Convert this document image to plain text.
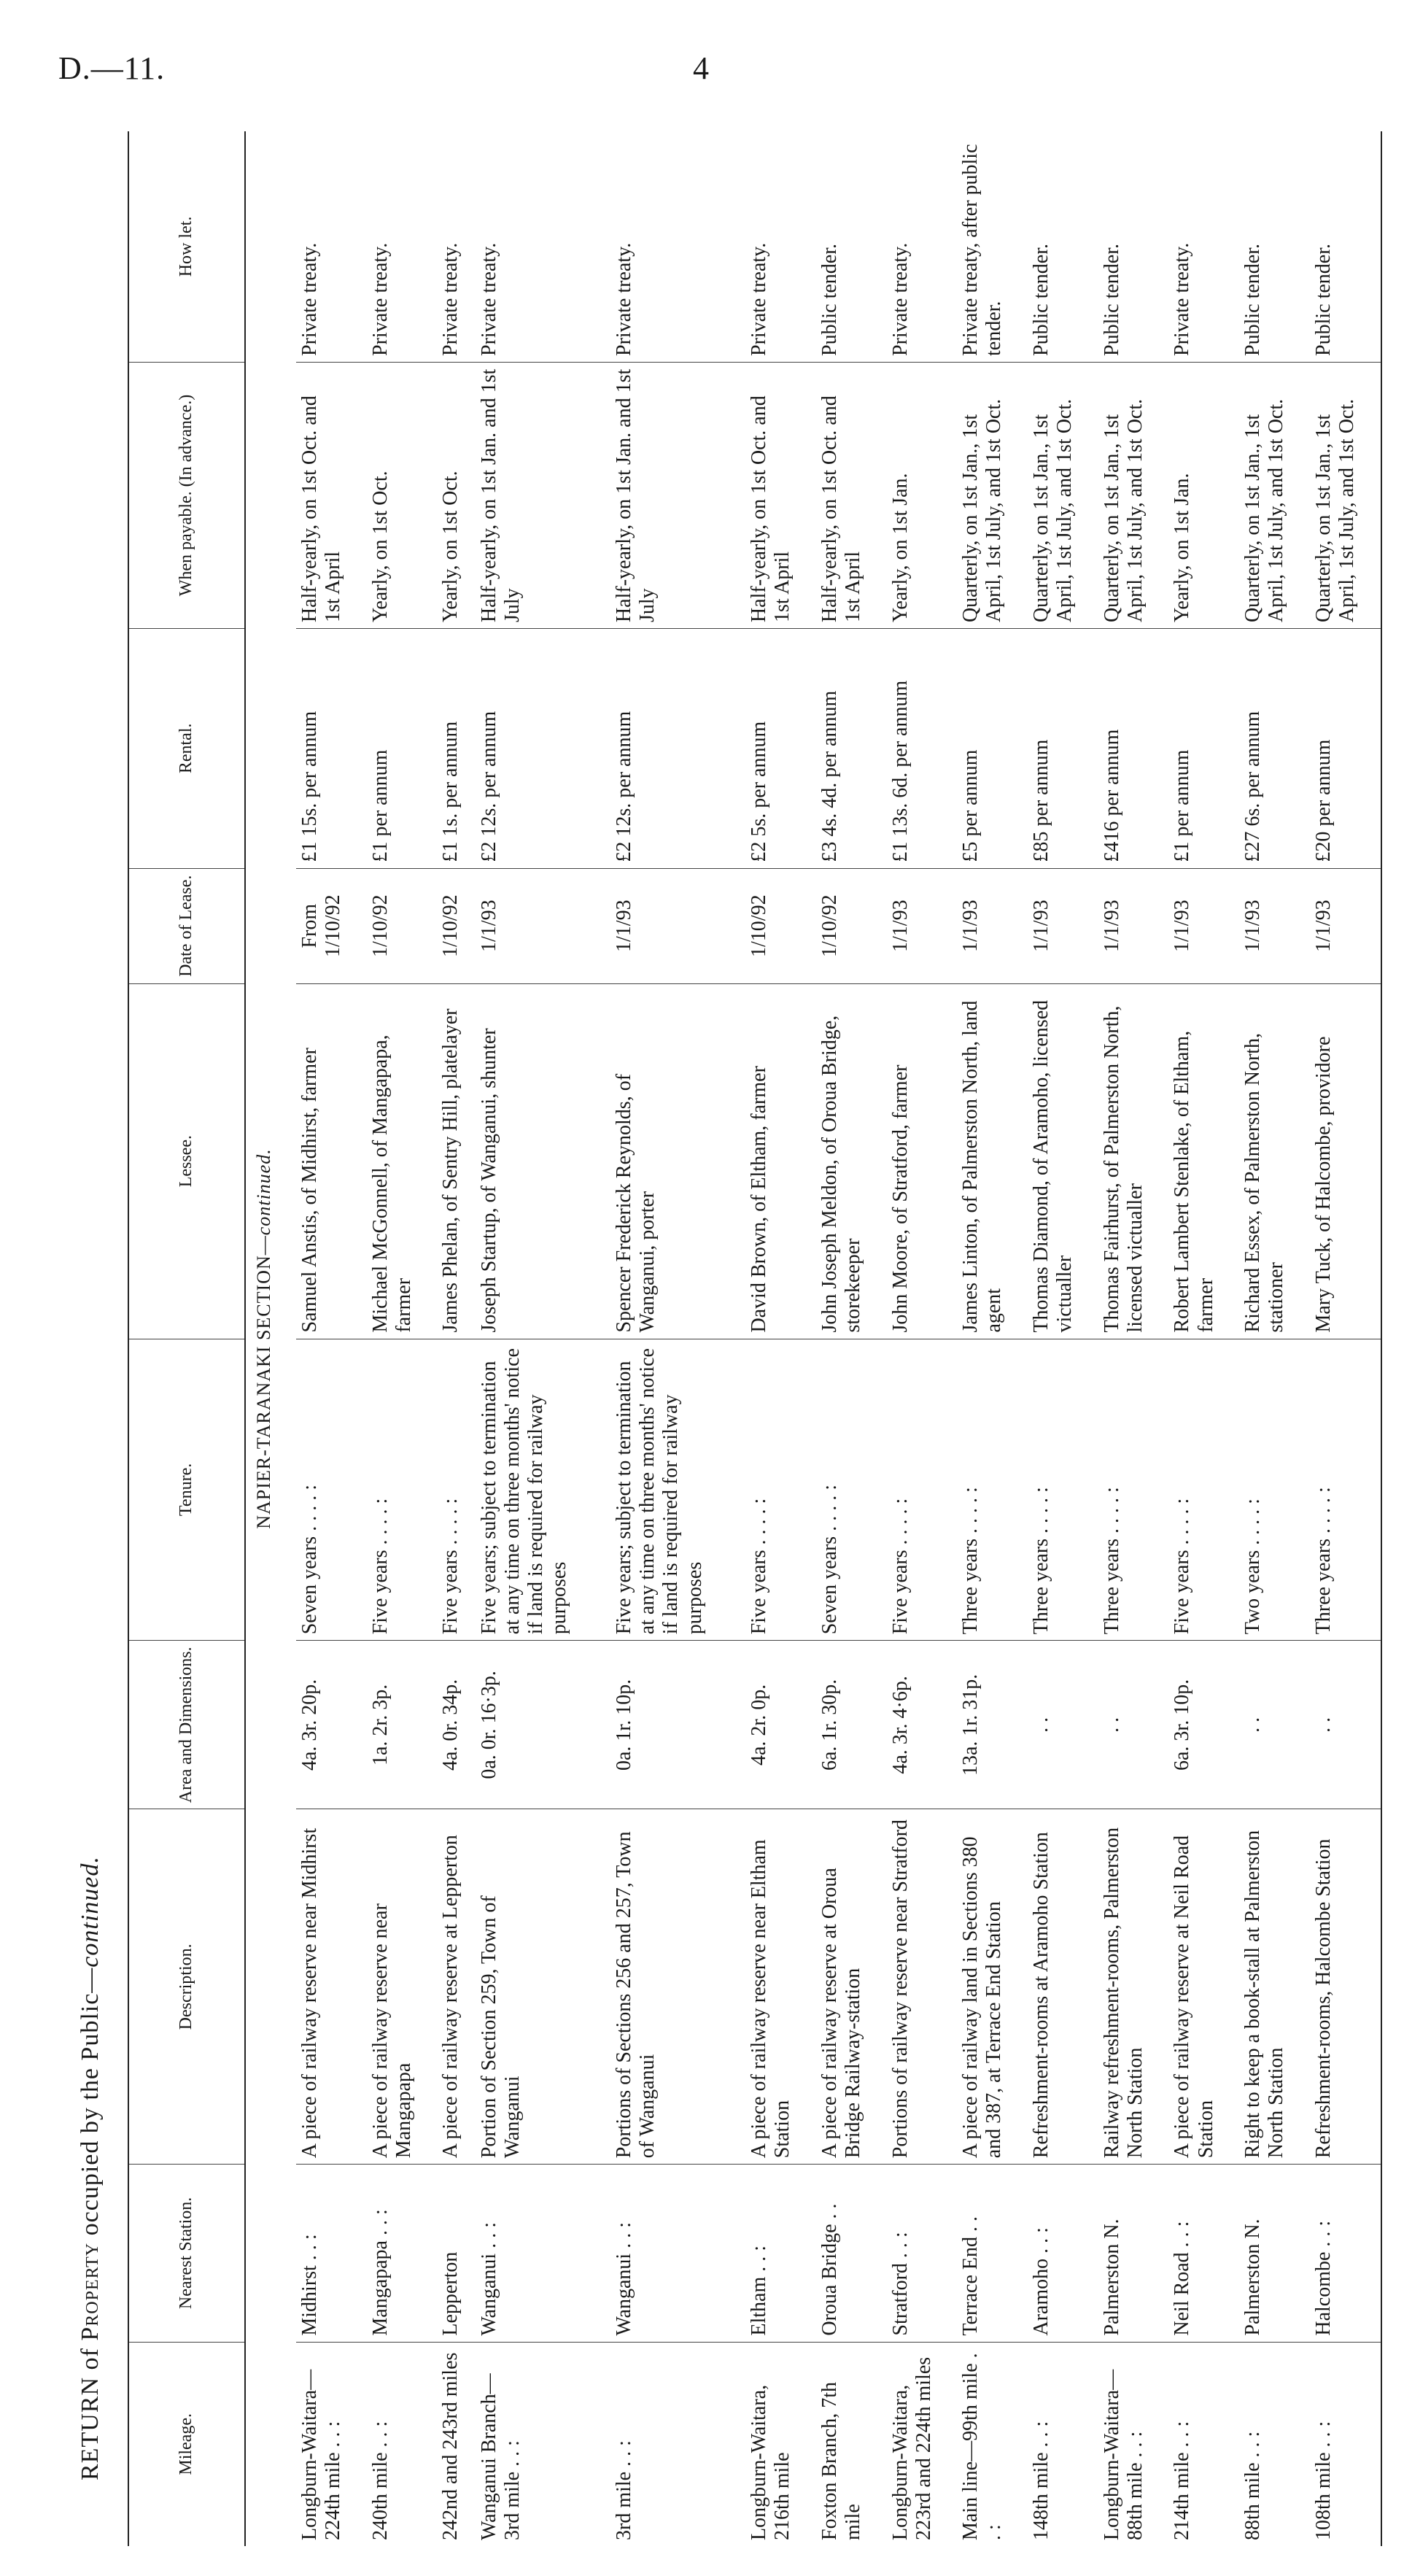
D.—11.	4
RETURN of Property occupied by the Public—continued.
Mileage.	Nearest Station.	Description.	Area and Dimensions.	Tenure.	Lessee.	Date of Lease.	Rental.	When payable. (In advance.)	How let.
NAPIER-TARANAKI SECTION—continued.									
Longburn-Waitara—224th mile . . :	Midhirst . . :	A piece of railway reserve near Midhirst	4a. 3r. 20p.	Seven years . . . . :	Samuel Anstis, of Midhirst, farmer	From 1/10/92	£1 15s. per annum	Half-yearly, on 1st Oct. and 1st April	Private treaty.
240th mile . . :	Mangapapa . . :	A piece of railway reserve near Mangapapa	1a. 2r. 3p.	Five years . . . . :	Michael McGonnell, of Mangapapa, farmer	1/10/92	£1 per annum	Yearly, on 1st Oct.	Private treaty.
242nd and 243rd miles	Lepperton	A piece of railway reserve at Lepperton	4a. 0r. 34p.	Five years . . . . :	James Phelan, of Sentry Hill, platelayer	1/10/92	£1 1s. per annum	Yearly, on 1st Oct.	Private treaty.
Wanganui Branch—3rd mile . . :	Wanganui . . :	Portion of Section 259, Town of Wanganui	0a. 0r. 16·3p.	Five years; subject to termination at any time on three months' notice if land is required for railway purposes	Joseph Startup, of Wanganui, shunter	1/1/93	£2 12s. per annum	Half-yearly, on 1st Jan. and 1st July	Private treaty.
3rd mile . . :	Wanganui . . :	Portions of Sections 256 and 257, Town of Wanganui	0a. 1r. 10p.	Five years; subject to termination at any time on three months' notice if land is required for railway purposes	Spencer Frederick Reynolds, of Wanganui, porter	1/1/93	£2 12s. per annum	Half-yearly, on 1st Jan. and 1st July	Private treaty.
Longburn-Waitara, 216th mile	Eltham . . :	A piece of railway reserve near Eltham Station	4a. 2r. 0p.	Five years . . . . :	David Brown, of Eltham, farmer	1/10/92	£2 5s. per annum	Half-yearly, on 1st Oct. and 1st April	Private treaty.
Foxton Branch, 7th mile	Oroua Bridge . .	A piece of railway reserve at Oroua Bridge Railway-station	6a. 1r. 30p.	Seven years . . . . :	John Joseph Meldon, of Oroua Bridge, storekeeper	1/10/92	£3 4s. 4d. per annum	Half-yearly, on 1st Oct. and 1st April	Public tender.
Longburn-Waitara, 223rd and 224th miles	Stratford . . :	Portions of railway reserve near Stratford	4a. 3r. 4·6p.	Five years . . . . :	John Moore, of Stratford, farmer	1/1/93	£1 13s. 6d. per annum	Yearly, on 1st Jan.	Private treaty.
Main line—99th mile . . :	Terrace End . .	A piece of railway land in Sections 380 and 387, at Terrace End Station	13a. 1r. 31p.	Three years . . . . :	James Linton, of Palmerston North, land agent	1/1/93	£5 per annum	Quarterly, on 1st Jan., 1st April, 1st July, and 1st Oct.	Private treaty, after public tender.
148th mile . . :	Aramoho . . :	Refreshment-rooms at Aramoho Station	. .	Three years . . . . :	Thomas Diamond, of Aramoho, licensed victualler	1/1/93	£85 per annum	Quarterly, on 1st Jan., 1st April, 1st July, and 1st Oct.	Public tender.
Longburn-Waitara—88th mile . . :	Palmerston N.	Railway refreshment-rooms, Palmerston North Station	. .	Three years . . . . :	Thomas Fairhurst, of Palmerston North, licensed victualler	1/1/93	£416 per annum	Quarterly, on 1st Jan., 1st April, 1st July, and 1st Oct.	Public tender.
214th mile . . :	Neil Road . . :	A piece of railway reserve at Neil Road Station	6a. 3r. 10p.	Five years . . . . :	Robert Lambert Stenlake, of Eltham, farmer	1/1/93	£1 per annum	Yearly, on 1st Jan.	Private treaty.
88th mile . . :	Palmerston N.	Right to keep a book-stall at Palmerston North Station	. .	Two years . . . . :	Richard Essex, of Palmerston North, stationer	1/1/93	£27 6s. per annum	Quarterly, on 1st Jan., 1st April, 1st July, and 1st Oct.	Public tender.
108th mile . . :	Halcombe . . :	Refreshment-rooms, Halcombe Station	. .	Three years . . . . :	Mary Tuck, of Halcombe, providore	1/1/93	£20 per annum	Quarterly, on 1st Jan., 1st April, 1st July, and 1st Oct.	Public tender.
